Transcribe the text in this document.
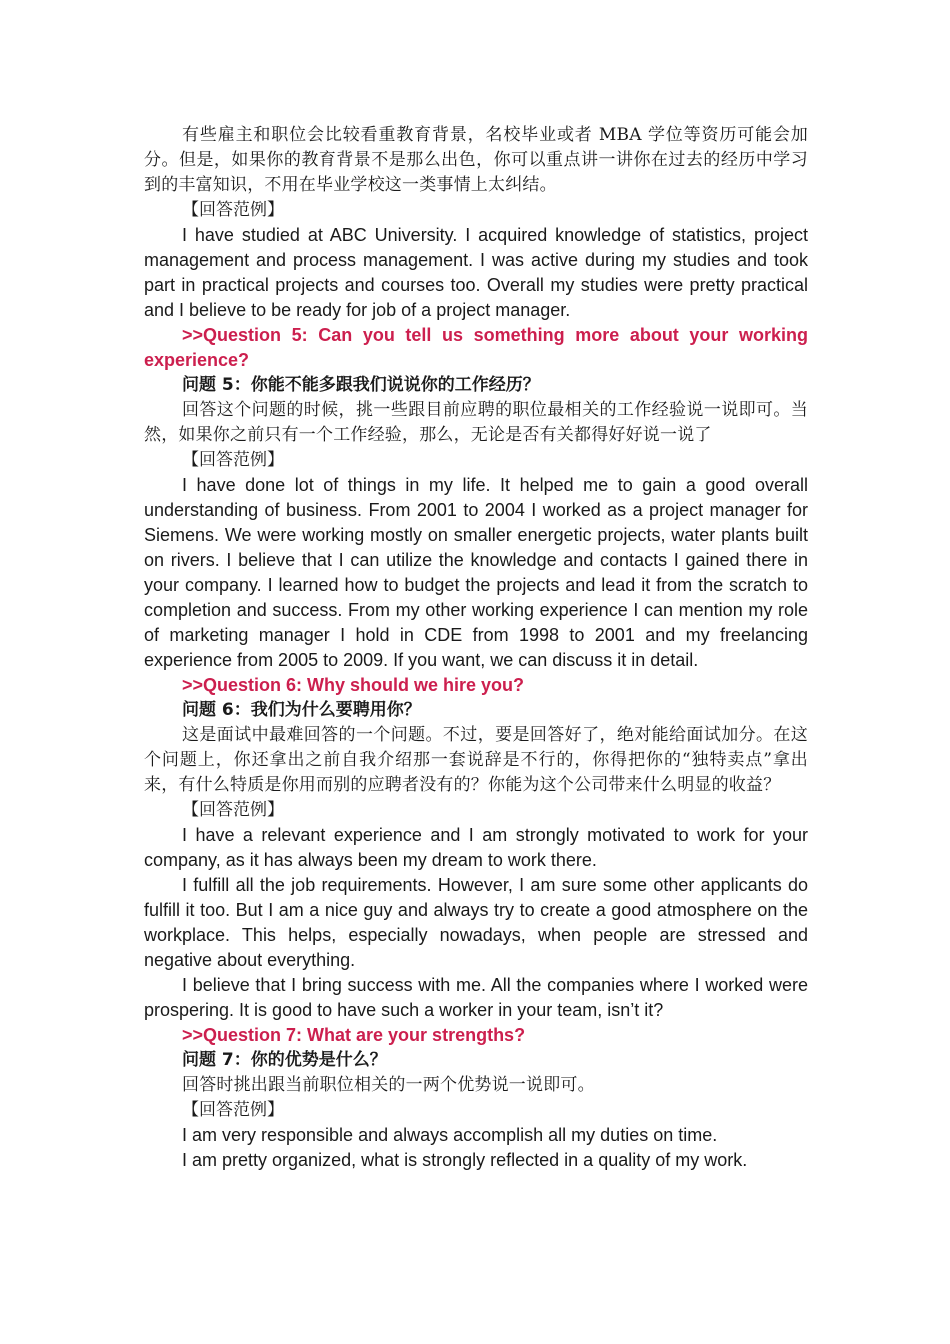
有些雇主和职位会比较看重教育背景，名校毕业或者 MBA 学位等资历可能会加分。但是，如果你的教育背景不是那么出色，你可以重点讲一讲你在过去的经历中学习到的丰富知识，不用在毕业学校这一类事情上太纠结。

【回答范例】

I have studied at ABC University. I acquired knowledge of statistics, project management and process management. I was active during my studies and took part in practical projects and courses too. Overall my studies were pretty practical and I believe to be ready for job of a project manager.

>>Question 5: Can you tell us something more about your working experience?

问题 5：你能不能多跟我们说说你的工作经历？

回答这个问题的时候，挑一些跟目前应聘的职位最相关的工作经验说一说即可。当然，如果你之前只有一个工作经验，那么，无论是否有关都得好好说一说了

【回答范例】

I have done lot of things in my life. It helped me to gain a good overall understanding of business. From 2001 to 2004 I worked as a project manager for Siemens. We were working mostly on smaller energetic projects, water plants built on rivers. I believe that I can utilize the knowledge and contacts I gained there in your company. I learned how to budget the projects and lead it from the scratch to completion and success. From my other working experience I can mention my role of marketing manager I hold in CDE from 1998 to 2001 and my freelancing experience from 2005 to 2009. If you want, we can discuss it in detail.

>>Question 6: Why should we hire you?

问题 6：我们为什么要聘用你？

这是面试中最难回答的一个问题。不过，要是回答好了，绝对能给面试加分。在这个问题上，你还拿出之前自我介绍那一套说辞是不行的，你得把你的“独特卖点”拿出来，有什么特质是你用而别的应聘者没有的？你能为这个公司带来什么明显的收益？

【回答范例】

I have a relevant experience and I am strongly motivated to work for your company, as it has always been my dream to work there.

I fulfill all the job requirements. However, I am sure some other applicants do fulfill it too. But I am a nice guy and always try to create a good atmosphere on the workplace. This helps, especially nowadays, when people are stressed and negative about everything.

I believe that I bring success with me. All the companies where I worked were prospering. It is good to have such a worker in your team, isn’t it?

>>Question 7: What are your strengths?

问题 7：你的优势是什么？

回答时挑出跟当前职位相关的一两个优势说一说即可。

【回答范例】

I am very responsible and always accomplish all my duties on time.

I am pretty organized, what is strongly reflected in a quality of my work.
